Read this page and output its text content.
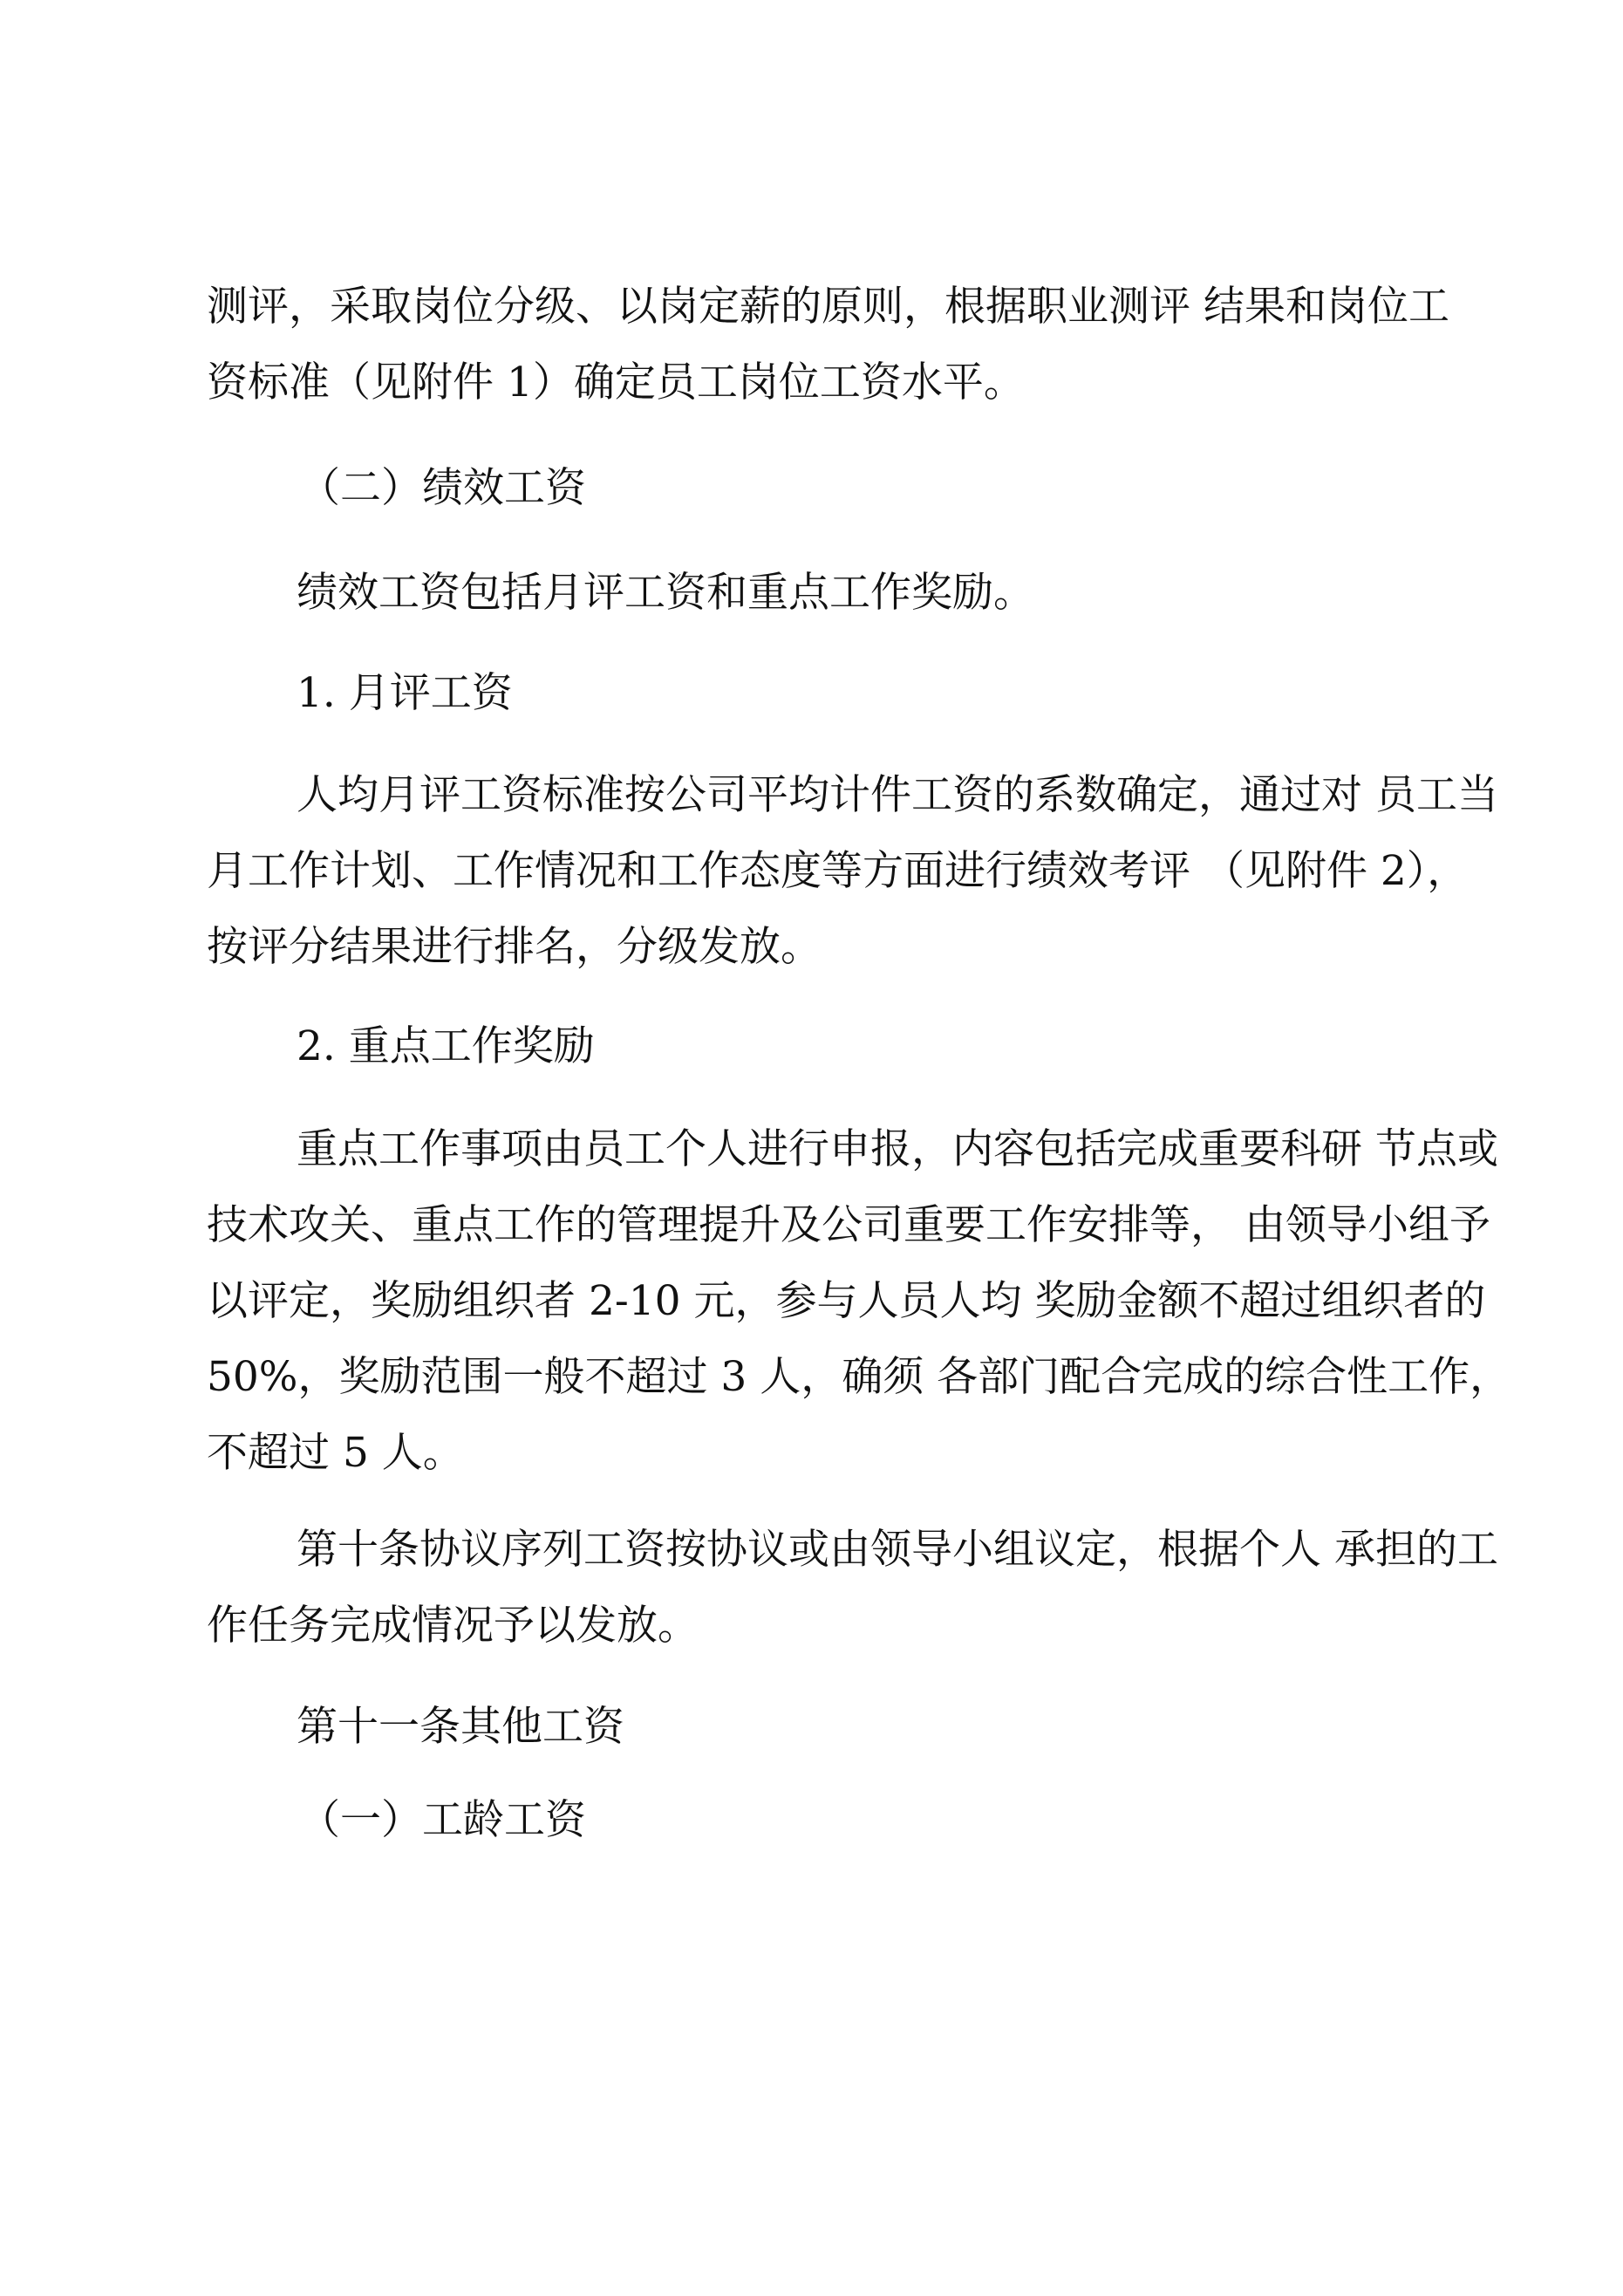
测评，采取岗位分级、以岗定薪的原则，根据职业测评 结果和岗位工
资标准（见附件 1）确定员工岗位工资水平。

（二）绩效工资

绩效工资包括月评工资和重点工作奖励。

1. 月评工资

人均月评工资标准按公司平均计件工资的系数确定，通过对 员工当
月工作计划、工作情况和工作态度等方面进行绩效考评 （见附件 2），
按评分结果进行排名，分级发放。

2. 重点工作奖励

重点工作事项由员工个人进行申报，内容包括完成重要科研 节点或
技术攻关、重点工作的管理提升及公司重要工作安排等， 由领导小组予
以评定，奖励组织者 2-10 元，参与人员人均 奖励金额不超过组织者的
50%，奖励范围一般不超过 3 人，确须 各部门配合完成的综合性工作，
不超过 5 人。

第十条协议序列工资按协议或由领导小组议定，根据个人 承担的工
作任务完成情况予以发放。

第十一条其他工资

（一）工龄工资
